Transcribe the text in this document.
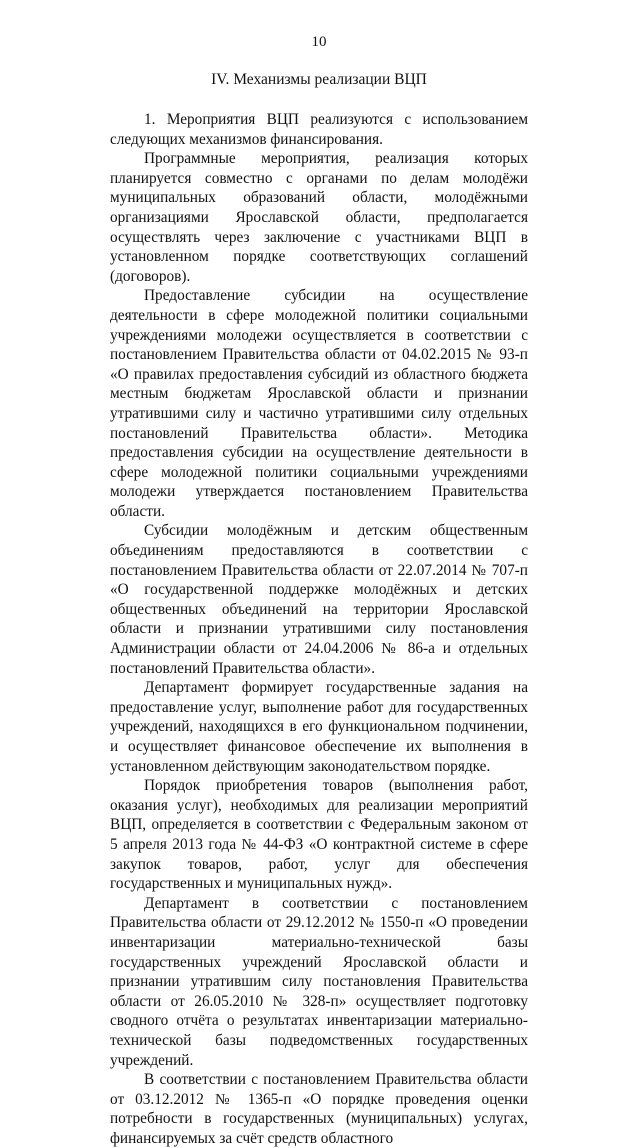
10
IV. Механизмы реализации ВЦП

1. Мероприятия ВЦП реализуются с использованием следующих механизмов финансирования.

Программные мероприятия, реализация которых планируется совместно с органами по делам молодёжи муниципальных образований области, молодёжными организациями Ярославской области, предполагается осуществлять через заключение с участниками ВЦП в установленном порядке соответствующих соглашений (договоров).

Предоставление субсидии на осуществление деятельности в сфере молодежной политики социальными учреждениями молодежи осуществляется в соответствии с постановлением Правительства области от 04.02.2015 № 93-п «О правилах предоставления субсидий из областного бюджета местным бюджетам Ярославской области и признании утратившими силу и частично утратившими силу отдельных постановлений Правительства области». Методика предоставления субсидии на осуществление деятельности в сфере молодежной политики социальными учреждениями молодежи утверждается постановлением Правительства области.

Субсидии молодёжным и детским общественным объединениям предоставляются в соответствии с постановлением Правительства области от 22.07.2014 № 707-п «О государственной поддержке молодёжных и детских общественных объединений на территории Ярославской области и признании утратившими силу постановления Администрации области от 24.04.2006 № 86-а и отдельных постановлений Правительства области».

Департамент формирует государственные задания на предоставление услуг, выполнение работ для государственных учреждений, находящихся в его функциональном подчинении, и осуществляет финансовое обеспечение их выполнения в установленном действующим законодательством порядке.

Порядок приобретения товаров (выполнения работ, оказания услуг), необходимых для реализации мероприятий ВЦП, определяется в соответствии с Федеральным законом от 5 апреля 2013 года № 44-ФЗ «О контрактной системе в сфере закупок товаров, работ, услуг для обеспечения государственных и муниципальных нужд».

Департамент в соответствии с постановлением Правительства области от 29.12.2012 № 1550-п «О проведении инвентаризации материально-технической базы государственных учреждений Ярославской области и признании утратившим силу постановления Правительства области от 26.05.2010 № 328-п» осуществляет подготовку сводного отчёта о результатах инвентаризации материально-технической базы подведомственных государственных учреждений.

В соответствии с постановлением Правительства области от 03.12.2012 № 1365-п «О порядке проведения оценки потребности в государственных (муниципальных) услугах, финансируемых за счёт средств областного
